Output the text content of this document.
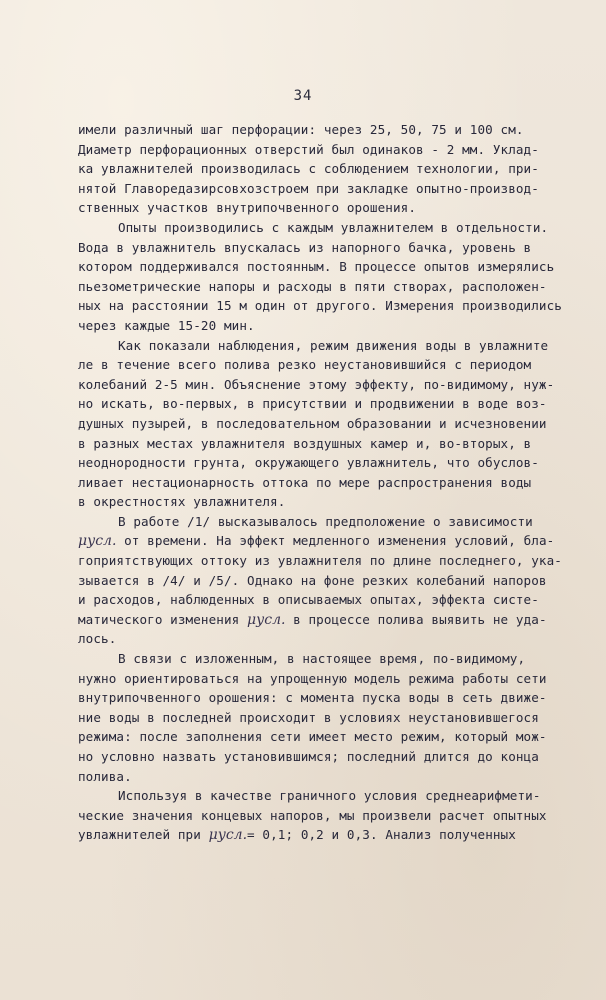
34
имели различный шаг перфорации: через 25, 50, 75 и 100 см.
Диаметр перфорационных отверстий был одинаков - 2 мм. Уклад-
ка увлажнителей производилась с соблюдением технологии, при-
нятой Главоредазирсовхозстроем при закладке опытно-производ-
ственных участков внутрипочвенного орошения.
Опыты производились с каждым увлажнителем в отдельности.
Вода в увлажнитель впускалась из напорного бачка, уровень в
котором поддерживался постоянным. В процессе опытов измерялись
пьезометрические напоры и расходы в пяти створах, расположен-
ных на расстоянии 15 м один от другого. Измерения производились
через каждые 15-20 мин.
Как показали наблюдения, режим движения воды в увлажните
ле в течение всего полива резко неустановившийся с периодом
колебаний 2-5 мин. Объяснение этому эффекту, по-видимому, нуж-
но искать, во-первых, в присутствии и продвижении в воде воз-
душных пузырей, в последовательном образовании и исчезновении
в разных местах увлажнителя воздушных камер и, во-вторых, в
неоднородности грунта, окружающего увлажнитель, что обуслов-
ливает нестационарность оттока по мере распространения воды
в окрестностях увлажнителя.
В работе /1/ высказывалось предположение о зависимости
μусл. от времени. На эффект медленного изменения условий, бла-
гоприятствующих оттоку из увлажнителя по длине последнего, ука-
зывается в /4/ и /5/. Однако на фоне резких колебаний напоров
и расходов, наблюденных в описываемых опытах, эффекта систе-
матического изменения μусл. в процессе полива выявить не уда-
лось.
В связи с изложенным, в настоящее время, по-видимому,
нужно ориентироваться на упрощенную модель режима работы сети
внутрипочвенного орошения: с момента пуска воды в сеть движе-
ние воды в последней происходит в условиях неустановившегося
режима: после заполнения сети имеет место режим, который мож-
но условно назвать установившимся; последний длится до конца
полива.
Используя в качестве граничного условия среднеарифмети-
ческие значения концевых напоров, мы произвели расчет опытных
увлажнителей при μусл.= 0,1; 0,2 и 0,3. Анализ полученных
